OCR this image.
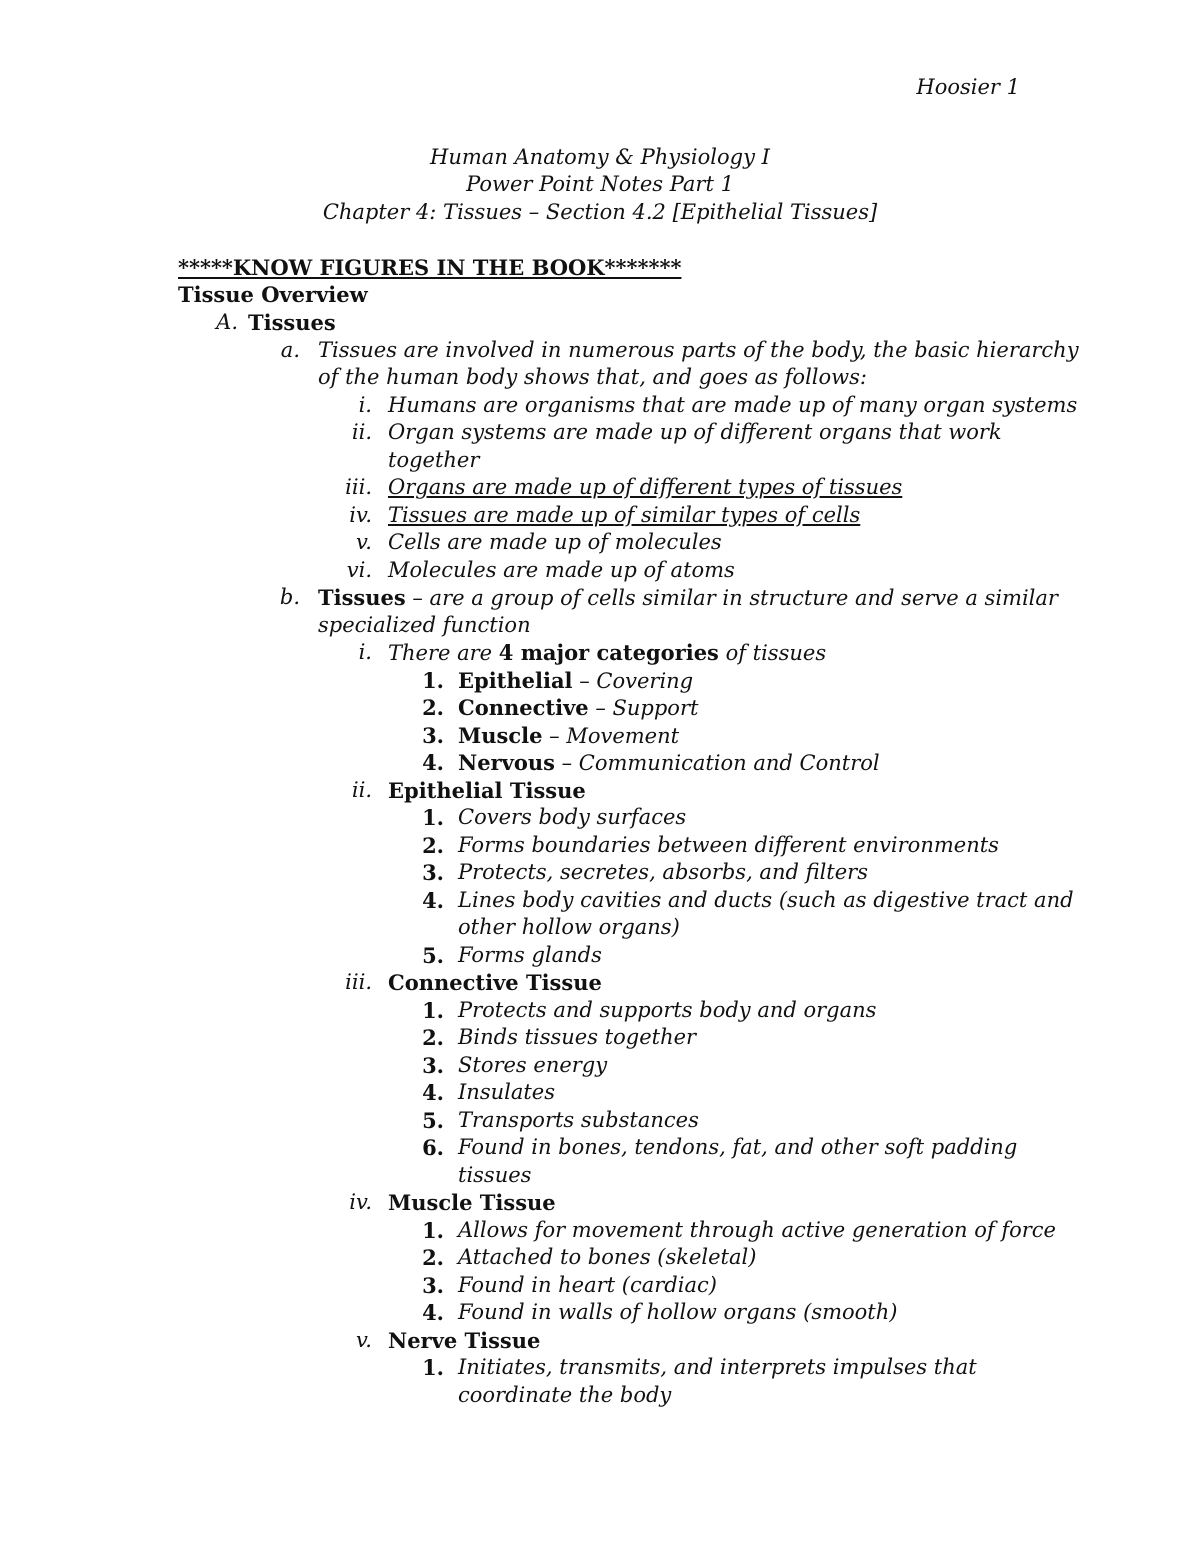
Hoosier 1
Human Anatomy & Physiology I
Power Point Notes Part 1
Chapter 4: Tissues – Section 4.2 [Epithelial Tissues]
*****KNOW FIGURES IN THE BOOK*******
Tissue Overview
A. Tissues
a. Tissues are involved in numerous parts of the body, the basic hierarchy
of the human body shows that, and goes as follows:
i. Humans are organisms that are made up of many organ systems
ii. Organ systems are made up of different organs that work
together
iii. Organs are made up of different types of tissues
iv. Tissues are made up of similar types of cells
v. Cells are made up of molecules
vi. Molecules are made up of atoms
b. Tissues – are a group of cells similar in structure and serve a similar
specialized function
i. There are 4 major categories of tissues
1. Epithelial – Covering
2. Connective – Support
3. Muscle – Movement
4. Nervous – Communication and Control
ii. Epithelial Tissue
1. Covers body surfaces
2. Forms boundaries between different environments
3. Protects, secretes, absorbs, and filters
4. Lines body cavities and ducts (such as digestive tract and
other hollow organs)
5. Forms glands
iii. Connective Tissue
1. Protects and supports body and organs
2. Binds tissues together
3. Stores energy
4. Insulates
5. Transports substances
6. Found in bones, tendons, fat, and other soft padding
tissues
iv. Muscle Tissue
1. Allows for movement through active generation of force
2. Attached to bones (skeletal)
3. Found in heart (cardiac)
4. Found in walls of hollow organs (smooth)
v. Nerve Tissue
1. Initiates, transmits, and interprets impulses that
coordinate the body
